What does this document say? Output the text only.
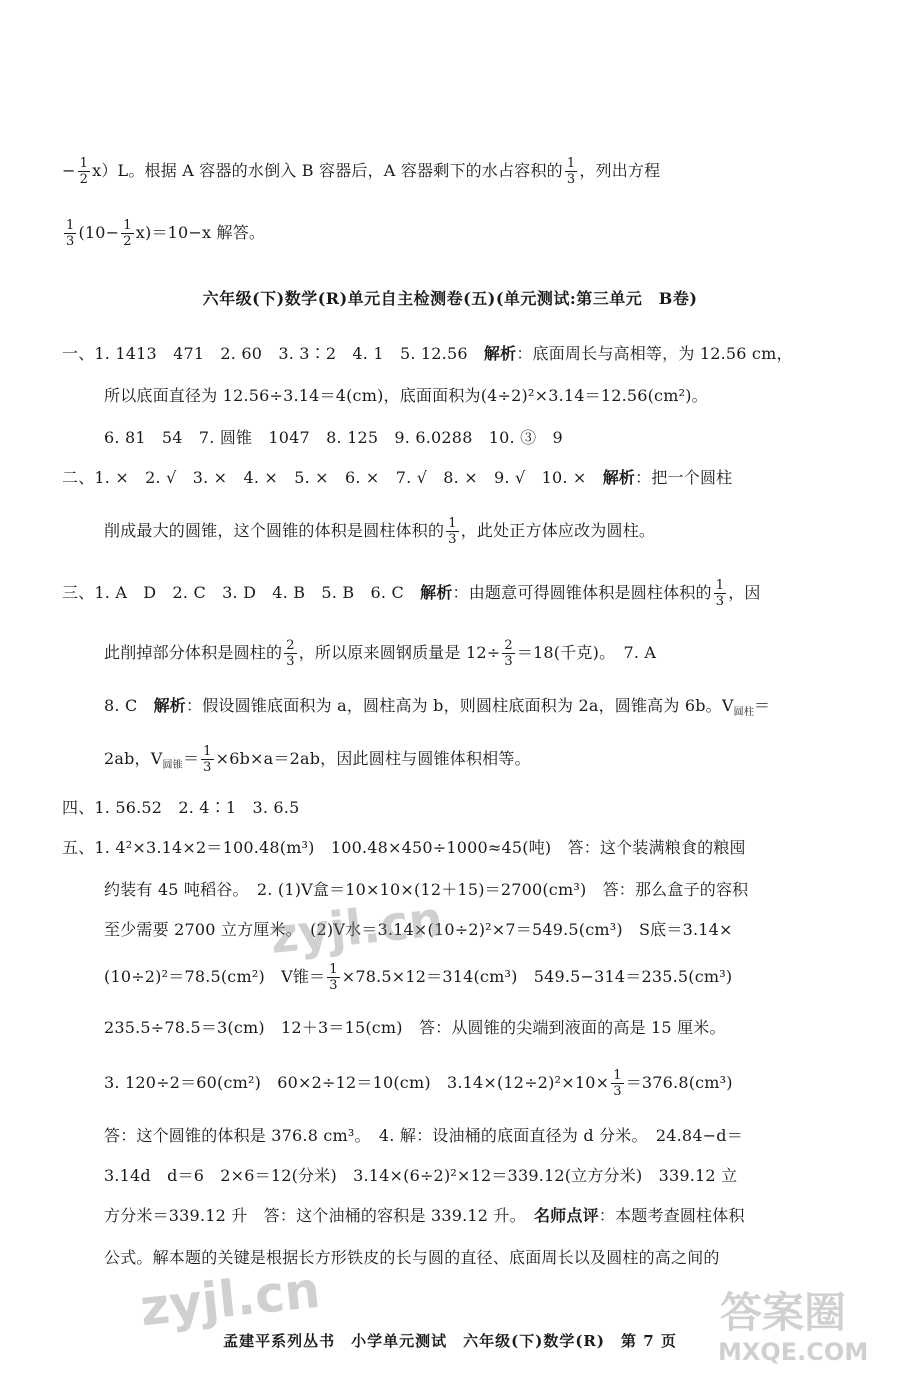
− $\frac{1}{2} x)L$。根据 A 容器的水倒入 B 容器后，A 容器剩下的水占容积的 $\frac{1}{3}$ ，列出方程
$\frac{1}{3} (10- \frac{1}{2} x)=10-x$ 解答。
六年级(下)数学(R)单元自主检测卷(五)(单元测试:第三单元　B卷)
一、1. 1413　471　2. 60　3. 3∶2　4. 1　5. 12.56　解析：底面周长与高相等，为 12.56 cm，
所以底面直径为 12.56÷3.14＝4(cm)，底面面积为(4÷2)²×3.14＝12.56(cm²)。
6. 81　54　7. 圆锥　1047　8. 125　9. 6.0288　10. ③　9
二、1. ×　2. √　3. ×　4. ×　5. ×　6. ×　7. √　8. ×　9. √　10. ×　解析：把一个圆柱
削成最大的圆锥，这个圆锥的体积是圆柱体积的 $\frac{1}{3}$ ，此处正方体应改为圆柱。
三、1. A　D　2. C　3. D　4. B　5. B　6. C　解析：由题意可得圆锥体积是圆柱体积的 $\frac{1}{3}$ ，因
此削掉部分体积是圆柱的 $\frac{2}{3}$ ，所以原来圆钢质量是 $12\div \frac{2}{3} =18$(千克)。　7. A
8. C　解析：假设圆锥底面积为 a，圆柱高为 b，则圆柱底面积为 2a，圆锥高为 6b。$V_{圆柱}=$
2ab，$V_{圆锥}= \frac{1}{3} \times 6b\times a=2ab$，因此圆柱与圆锥体积相等。
四、1. 56.52　2. 4∶1　3. 6.5
五、1. 4²×3.14×2＝100.48(m³)　100.48×450÷1000≈45(吨)　答：这个装满粮食的粮囤
约装有 45 吨稻谷。　2. (1)V盒＝10×10×(12＋15)＝2700(cm³)　答：那么盒子的容积
至少需要 2700 立方厘米。　(2)V水＝3.14×(10÷2)²×7＝549.5(cm³)　S底＝3.14×
(10÷2)²＝78.5(cm²)　V锥＝ $\frac{1}{3} \times 78.5\times 12=314(cm^3)$　549.5−314＝235.5(cm³)
235.5÷78.5＝3(cm)　12＋3＝15(cm)　答：从圆锥的尖端到液面的高是 15 厘米。
3. 120÷2＝60(cm²)　60×2÷12＝10(cm)　$3.14\times(12\div 2)^2\times 10\times \frac{1}{3} =376.8(cm^3)$
答：这个圆锥的体积是 376.8 cm³。　4. 解：设油桶的底面直径为 d 分米。　24.84−d＝
3.14d　d＝6　2×6＝12(分米)　3.14×(6÷2)²×12＝339.12(立方分米)　339.12 立
方分米＝339.12 升　答：这个油桶的容积是 339.12 升。　名师点评：本题考查圆柱体积
公式。解本题的关键是根据长方形铁皮的长与圆的直径、底面周长以及圆柱的高之间的
孟建平系列丛书　小学单元测试　六年级(下)数学(R)　第 7 页
zyjl.cn
zyjl.cn	答案圈
MXQE.COM
